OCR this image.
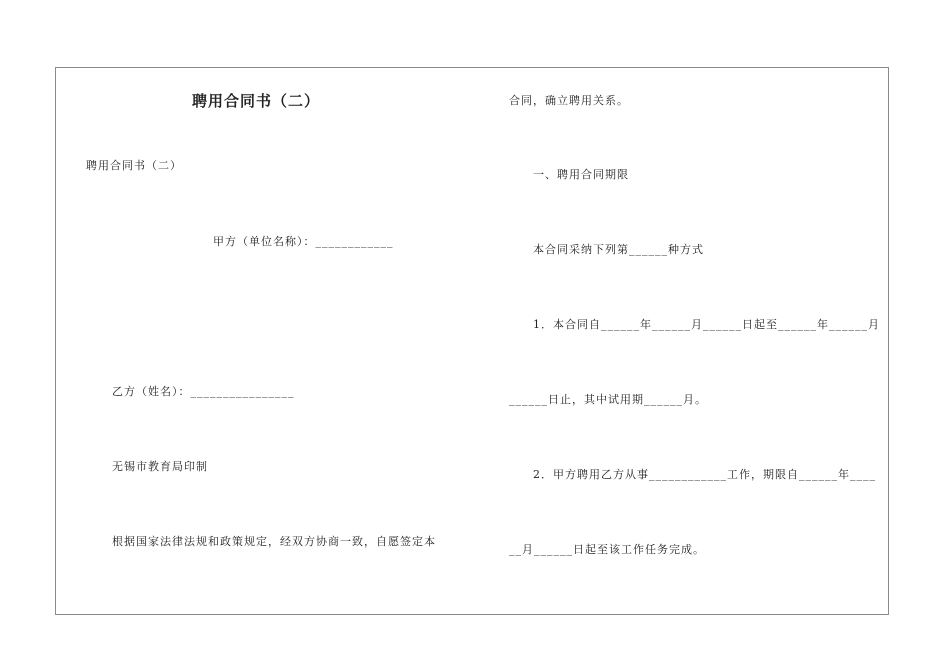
聘用合同书（二）
聘用合同书（二）
甲方（单位名称）：____________
乙方（姓名）：________________
无锡市教育局印制
根据国家法律法规和政策规定，经双方协商一致，自愿签定本
合同，确立聘用关系。
一、聘用合同期限
本合同采纳下列第______种方式
1．本合同自______年______月______日起至______年______月
______日止，其中试用期______月。
2．甲方聘用乙方从事____________工作，期限自______年____
__月______日起至该工作任务完成。
